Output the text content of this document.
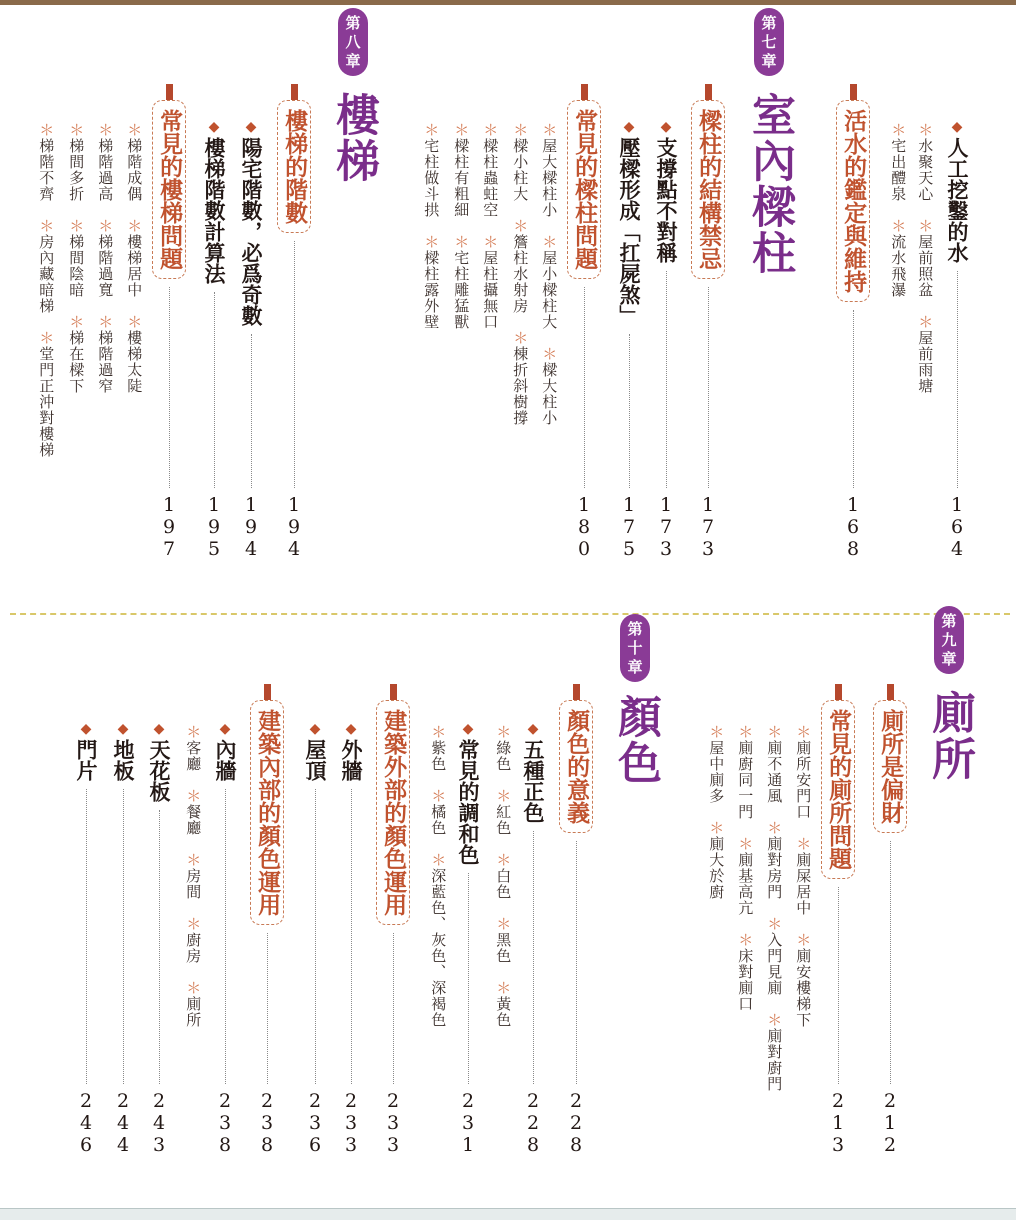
◆
人工挖鑿的水
1
6
4
＊水聚天心　＊屋前照盆　＊屋前雨塘
＊宅出醴泉　＊流水飛瀑
活水的鑑定與維持
1
6
8
第
七
章
室內樑柱
樑柱的結構禁忌
1
7
3
◆
支撐點不對稱
1
7
3
◆
壓樑形成「扛屍煞」
1
7
5
常見的樑柱問題
1
8
0
＊屋大樑柱小　＊屋小樑柱大　＊樑大柱小
＊樑小柱大　＊簷柱水射房　＊棟折斜樹撐
＊樑柱蟲蛀空　＊屋柱攝無口
＊樑柱有粗細　＊宅柱雕猛獸
＊宅柱做斗拱　＊樑柱露外壁
第
八
章
樓梯
樓梯的階數
1
9
4
◆
陽宅階數，必爲奇數
1
9
4
◆
樓梯階數計算法
1
9
5
常見的樓梯問題
1
9
7
＊梯階成偶　＊樓梯居中　＊樓梯太陡
＊梯階過高　＊梯階過寬　＊梯階過窄
＊梯間多折　＊梯間陰暗　＊梯在樑下
＊梯階不齊　＊房內藏暗梯　＊堂門正沖對樓梯
第
九
章
廁所
廁所是偏財
2
1
2
常見的廁所問題
2
1
3
＊廁所安門口　＊廁屎居中　＊廁安樓梯下
＊廁不通風　＊廁對房門　＊入門見廁　＊廁對廚門
＊廁廚同一門　＊廁基高亢　＊床對廁口
＊屋中廁多　＊廁大於廚
第
十
章
顏色
顏色的意義
2
2
8
◆
五種正色
2
2
8
＊綠色　＊紅色　＊白色　＊黑色　＊黃色
◆
常見的調和色
2
3
1
＊紫色　＊橘色　＊深藍色、灰色、深褐色
建築外部的顏色運用
2
3
3
◆
外牆
2
3
3
◆
屋頂
2
3
6
建築內部的顏色運用
2
3
8
◆
內牆
2
3
8
＊客廳　＊餐廳　＊房間　＊廚房　＊廁所
◆
天花板
2
4
3
◆
地板
2
4
4
◆
門片
2
4
6
